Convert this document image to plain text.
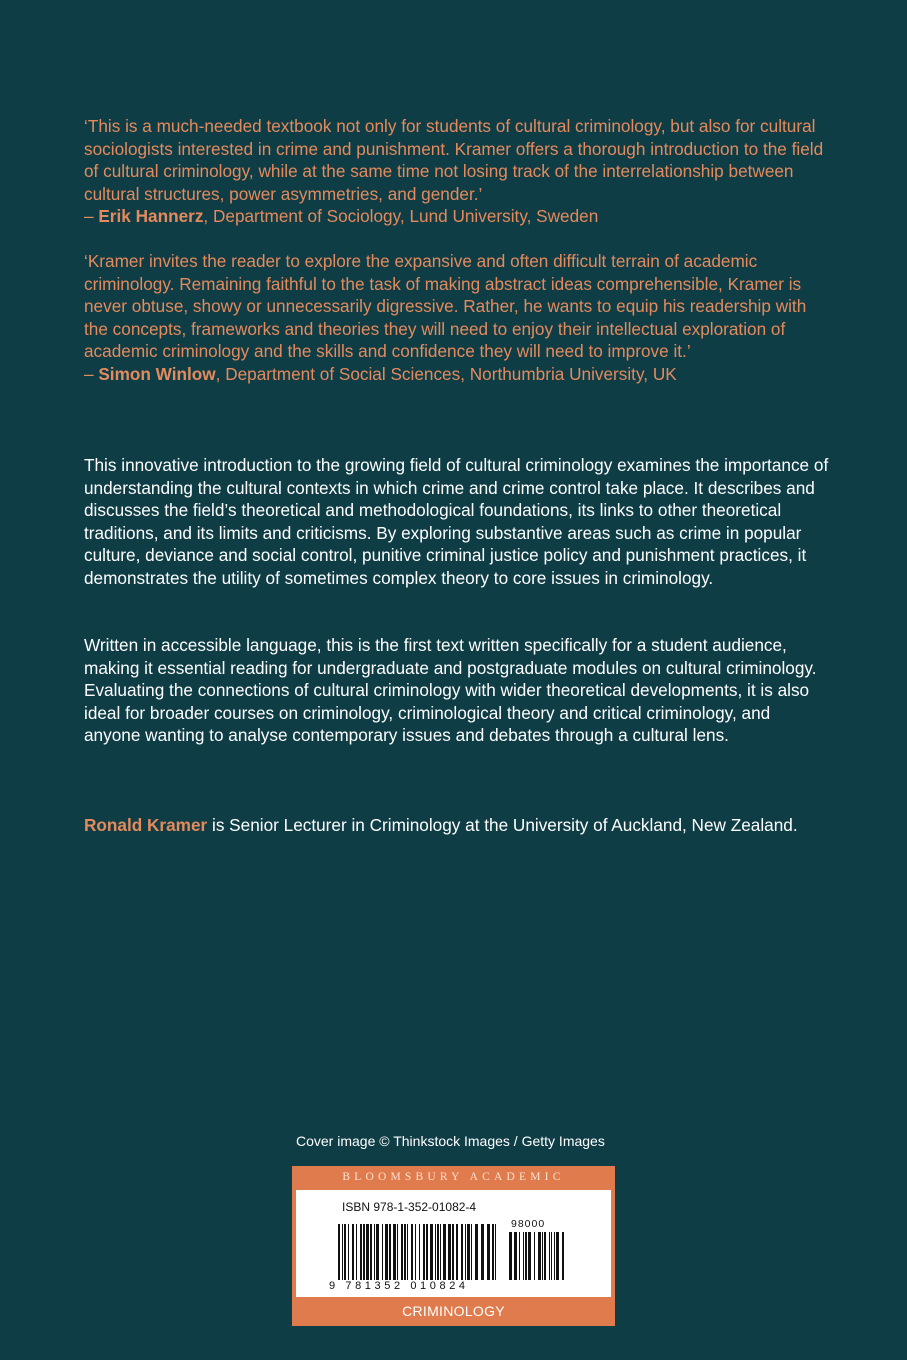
‘This is a much-needed textbook not only for students of cultural criminology, but also for cultural sociologists interested in crime and punishment. Kramer offers a thorough introduction to the field of cultural criminology, while at the same time not losing track of the interrelationship between cultural structures, power asymmetries, and gender.’

– Erik Hannerz, Department of Sociology, Lund University, Sweden

‘Kramer invites the reader to explore the expansive and often difficult terrain of academic criminology. Remaining faithful to the task of making abstract ideas comprehensible, Kramer is never obtuse, showy or unnecessarily digressive. Rather, he wants to equip his readership with the concepts, frameworks and theories they will need to enjoy their intellectual exploration of academic criminology and the skills and confidence they will need to improve it.’

– Simon Winlow, Department of Social Sciences, Northumbria University, UK

This innovative introduction to the growing field of cultural criminology examines the importance of understanding the cultural contexts in which crime and crime control take place. It describes and discusses the field’s theoretical and methodological foundations, its links to other theoretical traditions, and its limits and criticisms. By exploring substantive areas such as crime in popular culture, deviance and social control, punitive criminal justice policy and punishment practices, it demonstrates the utility of sometimes complex theory to core issues in criminology.

Written in accessible language, this is the first text written specifically for a student audience, making it essential reading for undergraduate and postgraduate modules on cultural criminology. Evaluating the connections of cultural criminology with wider theoretical developments, it is also ideal for broader courses on criminology, criminological theory and critical criminology, and anyone wanting to analyse contemporary issues and debates through a cultural lens.

Ronald Kramer is Senior Lecturer in Criminology at the University of Auckland, New Zealand.
Cover image © Thinkstock Images / Getty Images
BLOOMSBURY ACADEMIC
ISBN 978-1-352-01082-4
98000
9 781352 010824
CRIMINOLOGY
